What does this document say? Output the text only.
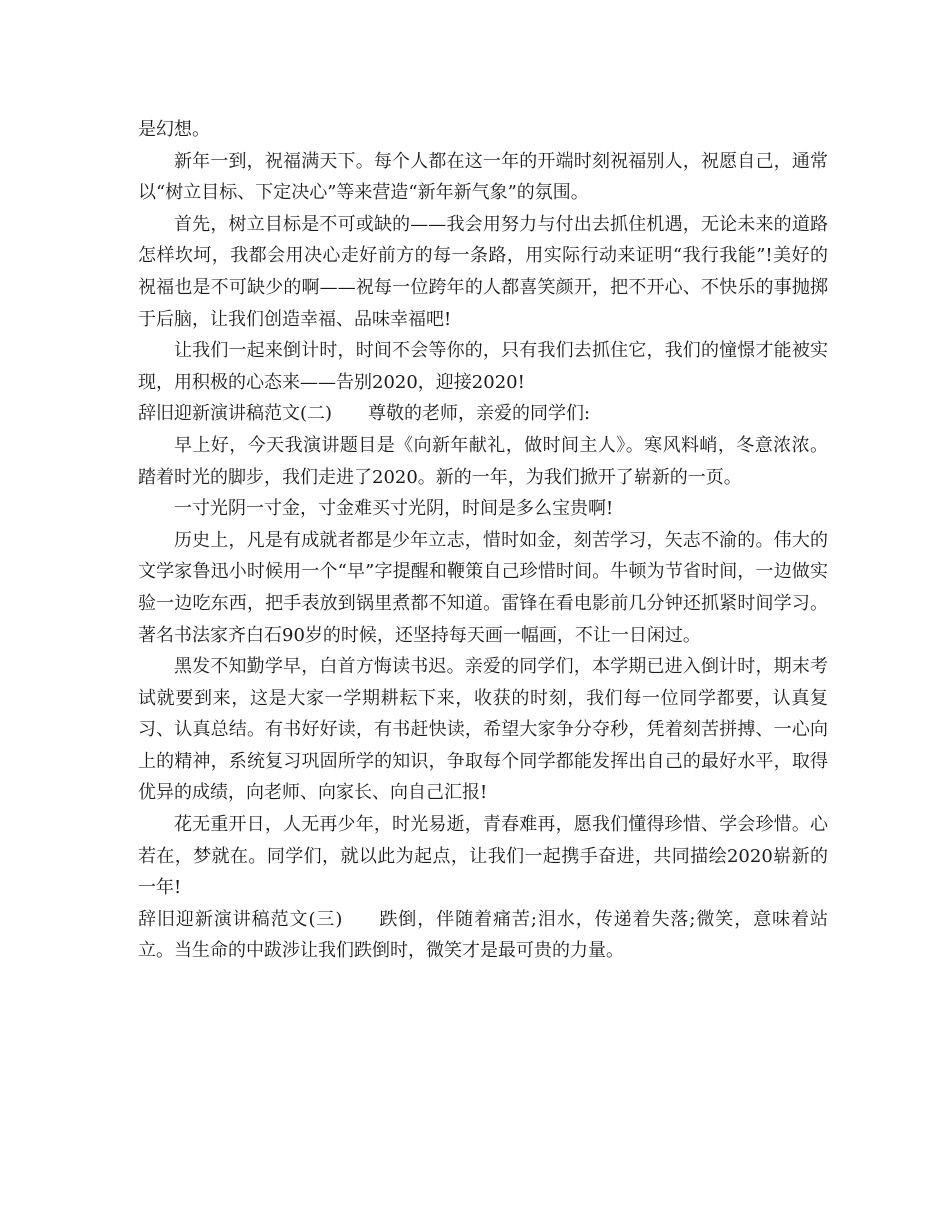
是幻想。

新年一到，祝福满天下。每个人都在这一年的开端时刻祝福别人，祝愿自己，通常以“树立目标、下定决心”等来营造“新年新气象”的氛围。

首先，树立目标是不可或缺的——我会用努力与付出去抓住机遇，无论未来的道路怎样坎坷，我都会用决心走好前方的每一条路，用实际行动来证明“我行我能”!美好的祝福也是不可缺少的啊——祝每一位跨年的人都喜笑颜开，把不开心、不快乐的事抛掷于后脑，让我们创造幸福、品味幸福吧!

让我们一起来倒计时，时间不会等你的，只有我们去抓住它，我们的憧憬才能被实现，用积极的心态来——告别2020，迎接2020!

辞旧迎新演讲稿范文(二) 尊敬的老师，亲爱的同学们:

早上好，今天我演讲题目是《向新年献礼，做时间主人》。寒风料峭，冬意浓浓。踏着时光的脚步，我们走进了2020。新的一年，为我们掀开了崭新的一页。

一寸光阴一寸金，寸金难买寸光阴，时间是多么宝贵啊!

历史上，凡是有成就者都是少年立志，惜时如金，刻苦学习，矢志不渝的。伟大的文学家鲁迅小时候用一个“早”字提醒和鞭策自己珍惜时间。牛顿为节省时间，一边做实验一边吃东西，把手表放到锅里煮都不知道。雷锋在看电影前几分钟还抓紧时间学习。著名书法家齐白石90岁的时候，还坚持每天画一幅画，不让一日闲过。

黑发不知勤学早，白首方悔读书迟。亲爱的同学们，本学期已进入倒计时，期末考试就要到来，这是大家一学期耕耘下来，收获的时刻，我们每一位同学都要，认真复习、认真总结。有书好好读，有书赶快读，希望大家争分夺秒，凭着刻苦拼搏、一心向上的精神，系统复习巩固所学的知识，争取每个同学都能发挥出自己的最好水平，取得优异的成绩，向老师、向家长、向自己汇报!

花无重开日，人无再少年，时光易逝，青春难再，愿我们懂得珍惜、学会珍惜。心若在，梦就在。同学们，就以此为起点，让我们一起携手奋进，共同描绘2020崭新的一年!

辞旧迎新演讲稿范文(三) 跌倒，伴随着痛苦;泪水，传递着失落;微笑，意味着站立。当生命的中跋涉让我们跌倒时，微笑才是最可贵的力量。
